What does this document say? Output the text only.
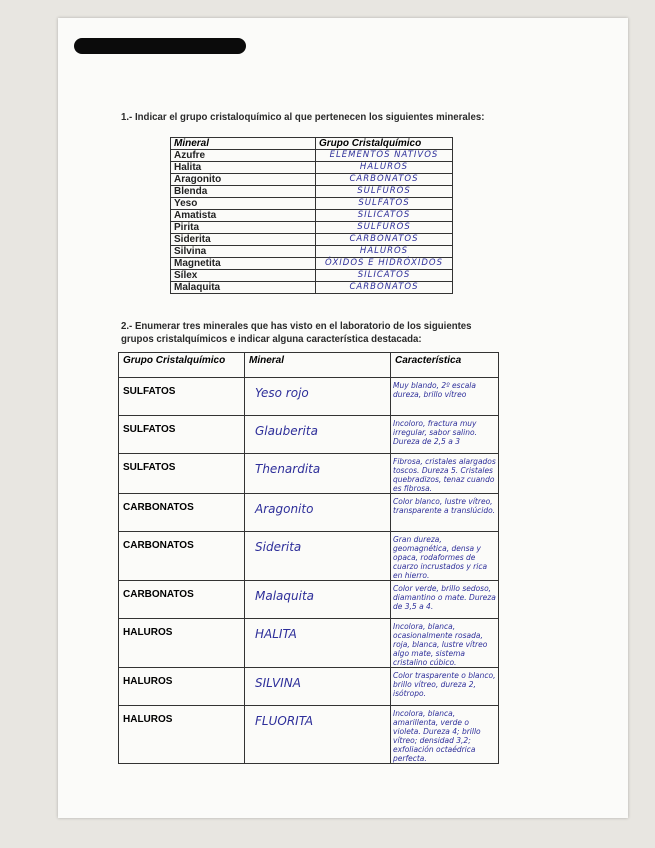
1.- Indicar el grupo cristaloquímico al que pertenecen los siguientes minerales:
Mineral	Grupo Cristalquímico
Azufre	ELEMENTOS NATIVOS
Halita	HALUROS
Aragonito	CARBONATOS
Blenda	SULFUROS
Yeso	SULFATOS
Amatista	SILICATOS
Pirita	SULFUROS
Siderita	CARBONATOS
Silvina	HALUROS
Magnetita	ÓXIDOS E HIDRÓXIDOS
Sílex	SILICATOS
Malaquita	CARBONATOS
2.- Enumerar tres minerales que has visto en el laboratorio de los siguientes grupos cristalquímicos e indicar alguna característica destacada:
Grupo Cristalquímico	Mineral	Característica
SULFATOS	Yeso rojo	Muy blando, 2º escala dureza, brillo vítreo
SULFATOS	Glauberita	Incoloro, fractura muy irregular, sabor salino. Dureza de 2,5 a 3
SULFATOS	Thenardita	Fibrosa, cristales alargados toscos. Dureza 5. Cristales quebradizos, tenaz cuando es fibrosa.
CARBONATOS	Aragonito	Color blanco, lustre vítreo, transparente a translúcido.
CARBONATOS	Siderita	Gran dureza, geomagnética, densa y opaca, rodaformes de cuarzo incrustados y rica en hierro.
CARBONATOS	Malaquita	Color verde, brillo sedoso, diamantino o mate. Dureza de 3,5 a 4.
HALUROS	HALITA	Incolora, blanca, ocasionalmente rosada, roja, blanca, lustre vítreo algo mate, sistema cristalino cúbico.
HALUROS	SILVINA	Color trasparente o blanco, brillo vítreo, dureza 2, isótropo.
HALUROS	FLUORITA	Incolora, blanca, amarillenta, verde o violeta. Dureza 4; brillo vítreo; densidad 3,2; exfoliación octaédrica perfecta.
